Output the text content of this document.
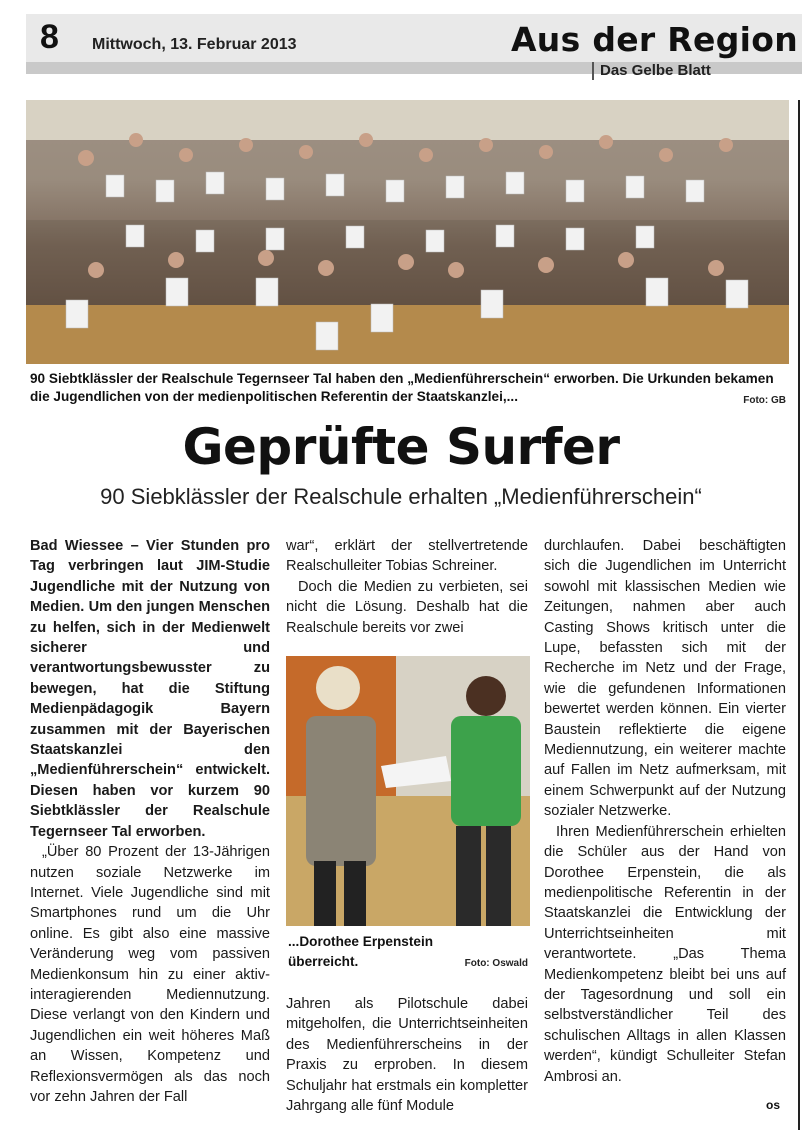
8 Mittwoch, 13. Februar 2013	Aus der Region
Das Gelbe Blatt
90 Siebtklässler der Realschule Tegernseer Tal haben den „Medienführerschein“ erworben. Die Urkunden bekamen die Jugendlichen von der medienpolitischen Referentin der Staatskanzlei,...	Foto: GB
Geprüfte Surfer
90 Siebklässler der Realschule erhalten „Medienführerschein“

Bad Wiessee – Vier Stunden pro Tag verbringen laut JIM-Studie Jugendliche mit der Nutzung von Medien. Um den jungen Menschen zu helfen, sich in der Medienwelt sicherer und verantwortungsbewusster zu bewegen, hat die Stiftung Medienpädagogik Bayern zusammen mit der Bayerischen Staatskanzlei den „Medienführerschein“ entwickelt. Diesen haben vor kurzem 90 Siebtklässler der Realschule Tegernseer Tal erworben.

„Über 80 Prozent der 13-Jährigen nutzen soziale Netzwerke im Internet. Viele Jugendliche sind mit Smartphones rund um die Uhr online. Es gibt also eine massive Veränderung weg vom passiven Medienkonsum hin zu einer aktiv-interagierenden Mediennutzung. Diese verlangt von den Kindern und Jugendlichen ein weit höheres Maß an Wissen, Kompetenz und Reflexionsvermögen als das noch vor zehn Jahren der Fall

war“, erklärt der stellvertretende Realschulleiter Tobias Schreiner.

Doch die Medien zu verbieten, sei nicht die Lösung. Deshalb hat die Realschule bereits vor zwei

...Dorothee Erpenstein überreicht.	Foto: Oswald

Jahren als Pilotschule dabei mitgeholfen, die Unterrichtseinheiten des Medienführerscheins in der Praxis zu erproben. In diesem Schuljahr hat erstmals ein kompletter Jahrgang alle fünf Module

durchlaufen. Dabei beschäftigten sich die Jugendlichen im Unterricht sowohl mit klassischen Medien wie Zeitungen, nahmen aber auch Casting Shows kritisch unter die Lupe, befassten sich mit der Recherche im Netz und der Frage, wie die gefundenen Informationen bewertet werden können. Ein vierter Baustein reflektierte die eigene Mediennutzung, ein weiterer machte auf Fallen im Netz aufmerksam, mit einem Schwerpunkt auf der Nutzung sozialer Netzwerke.

Ihren Medienführerschein erhielten die Schüler aus der Hand von Dorothee Erpenstein, die als medienpolitische Referentin in der Staatskanzlei die Entwicklung der Unterrichtseinheiten mit verantwortete. „Das Thema Medienkompetenz bleibt bei uns auf der Tagesordnung und soll ein selbstverständlicher Teil des schulischen Alltags in allen Klassen werden“, kündigt Schulleiter Stefan Ambrosi an.

os
